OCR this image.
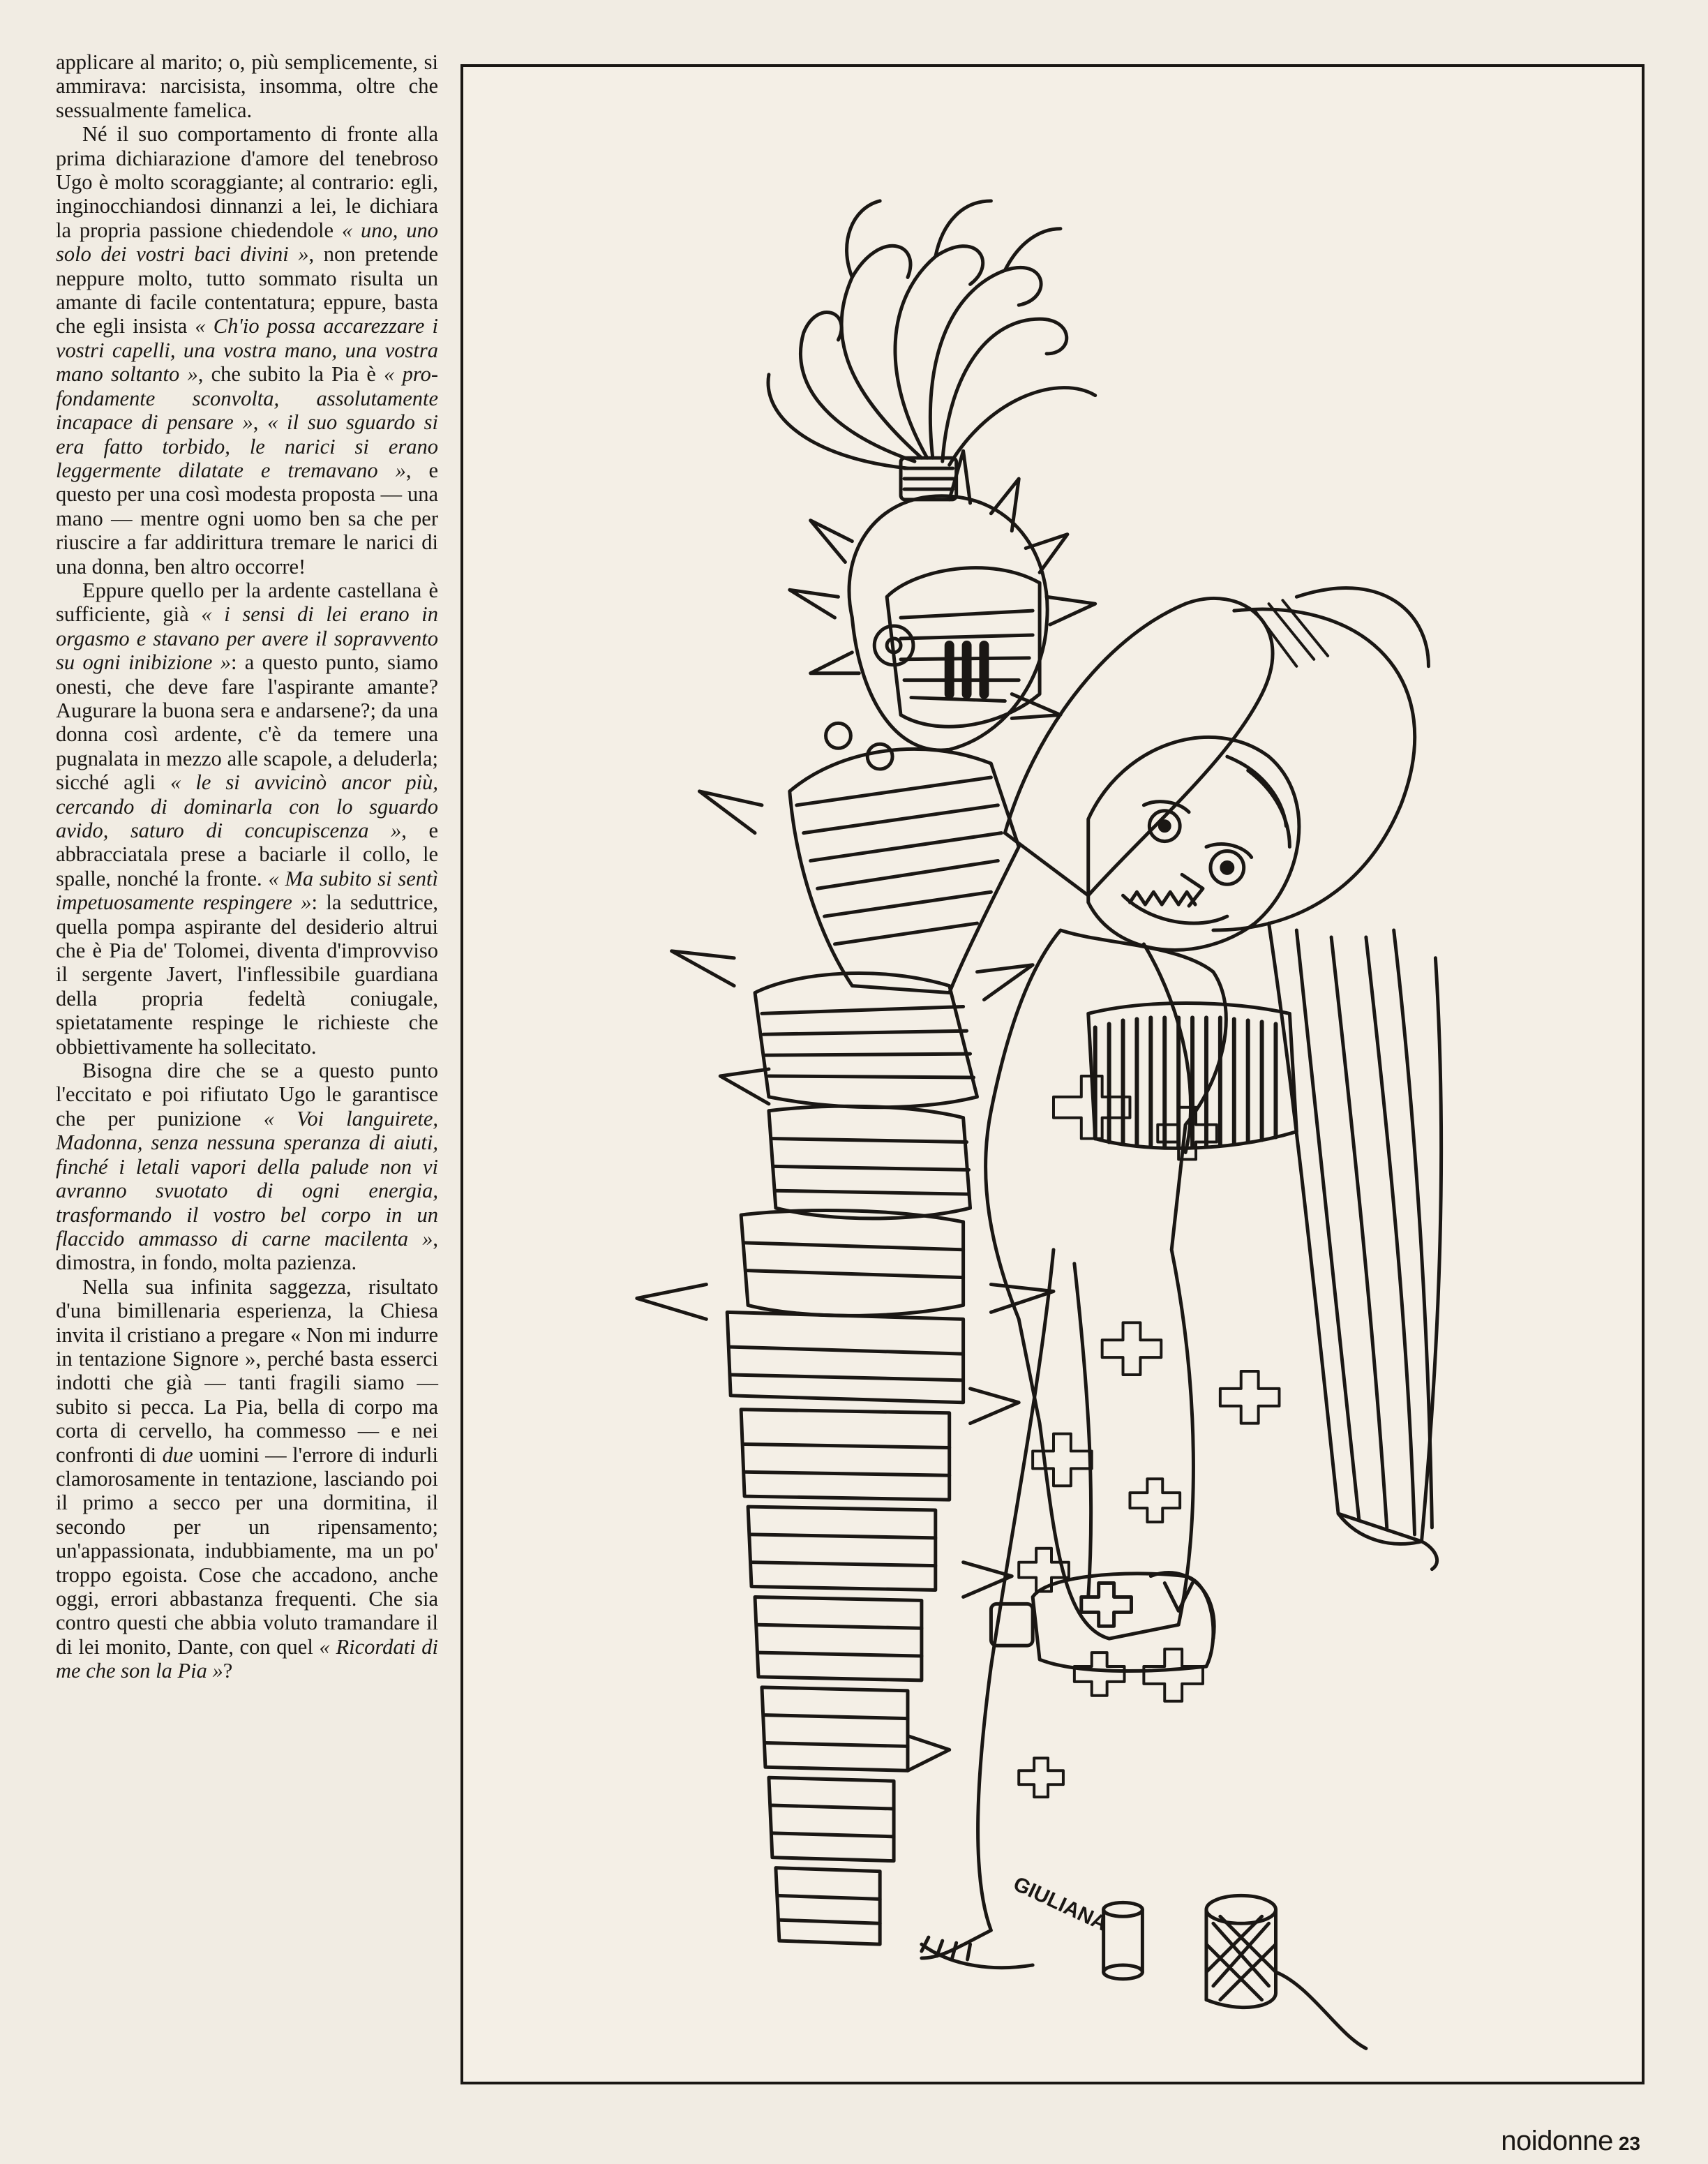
applicare al marito; o, più semplicemente, si ammirava: narcisista, insomma, oltre che sessualmente famelica.

Né il suo comportamento di fronte alla prima dichiarazione d'amore del tenebroso Ugo è molto scoraggiante; al contrario: egli, inginocchiandosi dinnanzi a lei, le dichiara la propria passione chiedendole « uno, uno solo dei vostri baci divini », non pretende neppure molto, tutto sommato risulta un amante di facile contentatura; eppure, basta che egli insista « Ch'io possa accarezzare i vostri capelli, una vostra mano, una vostra mano soltanto », che subito la Pia è « profondamente sconvolta, assolutamente incapace di pensare », « il suo sguardo si era fatto torbido, le narici si erano leggermente dilatate e tremavano », e questo per una così modesta proposta — una mano — mentre ogni uomo ben sa che per riuscire a far addirittura tremare le narici di una donna, ben altro occorre!

Eppure quello per la ardente castellana è sufficiente, già « i sensi di lei erano in orgasmo e stavano per avere il sopravvento su ogni inibizione »: a questo punto, siamo onesti, che deve fare l'aspirante amante? Augurare la buona sera e andarsene?; da una donna così ardente, c'è da temere una pugnalata in mezzo alle scapole, a deluderla; sicché agli « le si avvicinò ancor più, cercando di dominarla con lo sguardo avido, saturo di concupiscenza », e abbracciatala prese a baciarle il collo, le spalle, nonché la fronte. « Ma subito si sentì impetuosamente respingere »: la seduttrice, quella pompa aspirante del desiderio altrui che è Pia de' Tolomei, diventa d'improvviso il sergente Javert, l'inflessibile guardiana della propria fedeltà coniugale, spietatamente respinge le richieste che obbiettivamente ha sollecitato.

Bisogna dire che se a questo punto l'eccitato e poi rifiutato Ugo le garantisce che per punizione « Voi languirete, Madonna, senza nessuna speranza di aiuti, finché i letali vapori della palude non vi avranno svuotato di ogni energia, trasformando il vostro bel corpo in un flaccido ammasso di carne macilenta », dimostra, in fondo, molta pazienza.

Nella sua infinita saggezza, risultato d'una bimillenaria esperienza, la Chiesa invita il cristiano a pregare « Non mi indurre in tentazione Signore », perché basta esserci indotti che già — tanti fragili siamo — subito si pecca. La Pia, bella di corpo ma corta di cervello, ha commesso — e nei confronti di due uomini — l'errore di indurli clamorosamente in tentazione, lasciando poi il primo a secco per una dormitina, il secondo per un ripensamento; un'appassionata, indubbiamente, ma un po' troppo egoista. Cose che accadono, anche oggi, errori abbastanza frequenti. Che sia contro questi che abbia voluto tramandare il di lei monito, Dante, con quel « Ricordati di me che son la Pia »?

GIULIANA
noidonne 23
